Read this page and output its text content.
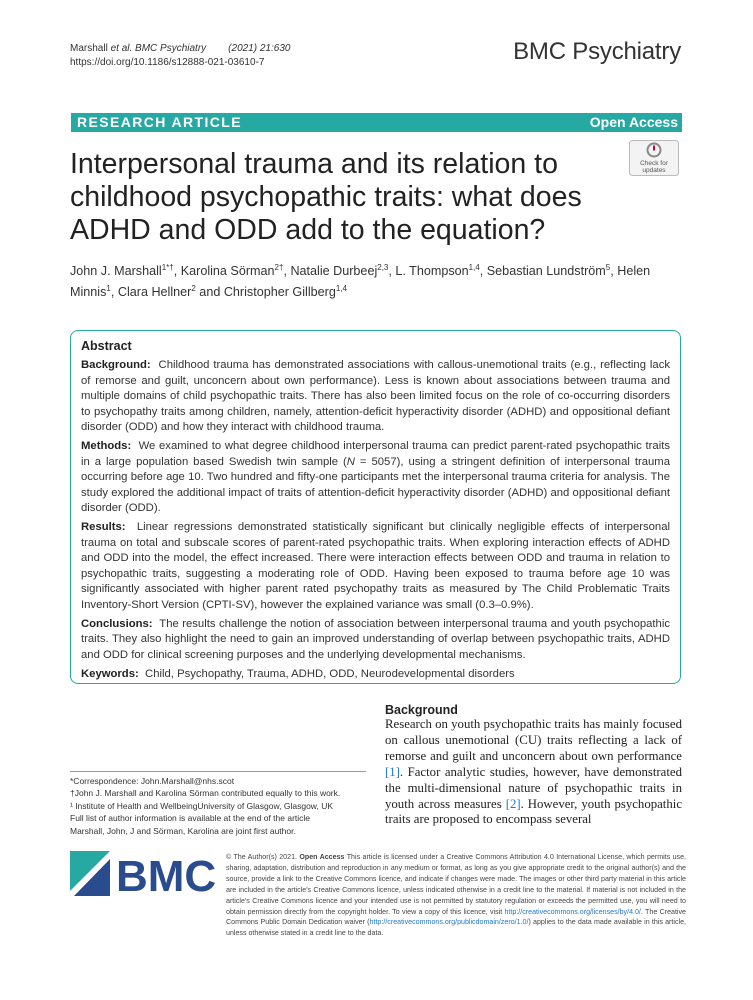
Marshall et al. BMC Psychiatry (2021) 21:630
https://doi.org/10.1186/s12888-021-03610-7	BMC Psychiatry
RESEARCH ARTICLE	Open Access
Check for
updates
Interpersonal trauma and its relation to childhood psychopathic traits: what does ADHD and ODD add to the equation?
John J. Marshall$^{1*\dagger}$, Karolina Sörman$^{2\dagger}$, Natalie Durbeej$^{2,3}$, L. Thompson$^{1,4}$, Sebastian Lundström$^5$, Helen Minnis$^1$, Clara Hellner$^2$ and Christopher Gillberg$^{1,4}$
Abstract

Background: Childhood trauma has demonstrated associations with callous-unemotional traits (e.g., reflecting lack of remorse and guilt, unconcern about own performance). Less is known about associations between trauma and multiple domains of child psychopathic traits. There has also been limited focus on the role of co-occurring disorders to psychopathy traits among children, namely, attention-deficit hyperactivity disorder (ADHD) and oppositional defiant disorder (ODD) and how they interact with childhood trauma.

Methods: We examined to what degree childhood interpersonal trauma can predict parent-rated psychopathic traits in a large population based Swedish twin sample (N = 5057), using a stringent definition of interpersonal trauma occurring before age 10. Two hundred and fifty-one participants met the interpersonal trauma criteria for analysis. The study explored the additional impact of traits of attention-deficit hyperactivity disorder (ADHD) and oppositional defiant disorder (ODD).

Results: Linear regressions demonstrated statistically significant but clinically negligible effects of interpersonal trauma on total and subscale scores of parent-rated psychopathic traits. When exploring interaction effects of ADHD and ODD into the model, the effect increased. There were interaction effects between ODD and trauma in relation to psychopathic traits, suggesting a moderating role of ODD. Having been exposed to trauma before age 10 was significantly associated with higher parent rated psychopathy traits as measured by The Child Problematic Traits Inventory-Short Version (CPTI-SV), however the explained variance was small (0.3–0.9%).

Conclusions: The results challenge the notion of association between interpersonal trauma and youth psychopathic traits. They also highlight the need to gain an improved understanding of overlap between psychopathic traits, ADHD and ODD for clinical screening purposes and the underlying developmental mechanisms.

Keywords: Child, Psychopathy, Trauma, ADHD, ODD, Neurodevelopmental disorders

*Correspondence: John.Marshall@nhs.scot
†John J. Marshall and Karolina Sörman contributed equally to this work.
¹ Institute of Health and WellbeingUniversity of Glasgow, Glasgow, UK
Full list of author information is available at the end of the article
Marshall, John, J and Sörman, Karolina are joint first author.
Background

Research on youth psychopathic traits has mainly focused on callous unemotional (CU) traits reflecting a lack of remorse and guilt and unconcern about own performance [1]. Factor analytic studies, however, have demonstrated the multi-dimensional nature of psychopathic traits in youth across measures [2]. However, youth psychopathic traits are proposed to encompass several

BMC © The Author(s) 2021. Open Access This article is licensed under a Creative Commons Attribution 4.0 International License, which permits use, sharing, adaptation, distribution and reproduction in any medium or format, as long as you give appropriate credit to the original author(s) and the source, provide a link to the Creative Commons licence, and indicate if changes were made. The images or other third party material in this article are included in the article's Creative Commons licence, unless indicated otherwise in a credit line to the material. If material is not included in the article's Creative Commons licence and your intended use is not permitted by statutory regulation or exceeds the permitted use, you will need to obtain permission directly from the copyright holder. To view a copy of this licence, visit http://creativecommons.org/licenses/by/4.0/. The Creative Commons Public Domain Dedication waiver (http://creativecommons.org/publicdomain/zero/1.0/) applies to the data made available in this article, unless otherwise stated in a credit line to the data.
